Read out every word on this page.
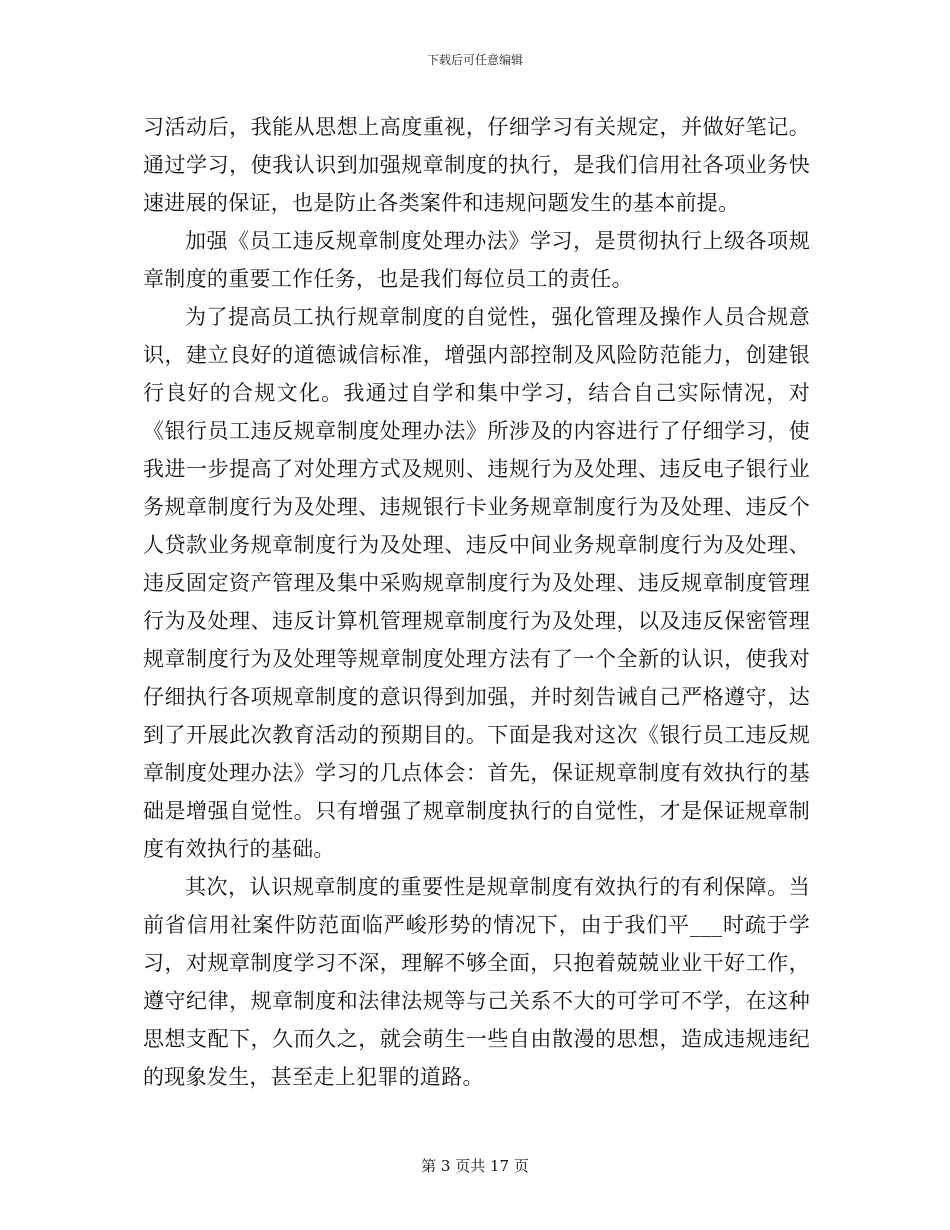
下载后可任意编辑

习活动后，我能从思想上高度重视，仔细学习有关规定，并做好笔记。通过学习，使我认识到加强规章制度的执行，是我们信用社各项业务快速进展的保证，也是防止各类案件和违规问题发生的基本前提。

加强《员工违反规章制度处理办法》学习，是贯彻执行上级各项规章制度的重要工作任务，也是我们每位员工的责任。

为了提高员工执行规章制度的自觉性，强化管理及操作人员合规意识，建立良好的道德诚信标准，增强内部控制及风险防范能力，创建银行良好的合规文化。我通过自学和集中学习，结合自己实际情况，对《银行员工违反规章制度处理办法》所涉及的内容进行了仔细学习，使我进一步提高了对处理方式及规则、违规行为及处理、违反电子银行业务规章制度行为及处理、违规银行卡业务规章制度行为及处理、违反个人贷款业务规章制度行为及处理、违反中间业务规章制度行为及处理、违反固定资产管理及集中采购规章制度行为及处理、违反规章制度管理行为及处理、违反计算机管理规章制度行为及处理，以及违反保密管理规章制度行为及处理等规章制度处理方法有了一个全新的认识，使我对仔细执行各项规章制度的意识得到加强，并时刻告诫自己严格遵守，达到了开展此次教育活动的预期目的。下面是我对这次《银行员工违反规章制度处理办法》学习的几点体会：首先，保证规章制度有效执行的基础是增强自觉性。只有增强了规章制度执行的自觉性，才是保证规章制度有效执行的基础。

其次，认识规章制度的重要性是规章制度有效执行的有利保障。当前省信用社案件防范面临严峻形势的情况下，由于我们平___时疏于学习，对规章制度学习不深，理解不够全面，只抱着兢兢业业干好工作，遵守纪律，规章制度和法律法规等与己关系不大的可学可不学，在这种思想支配下，久而久之，就会萌生一些自由散漫的思想，造成违规违纪的现象发生，甚至走上犯罪的道路。

第 3 页共 17 页
